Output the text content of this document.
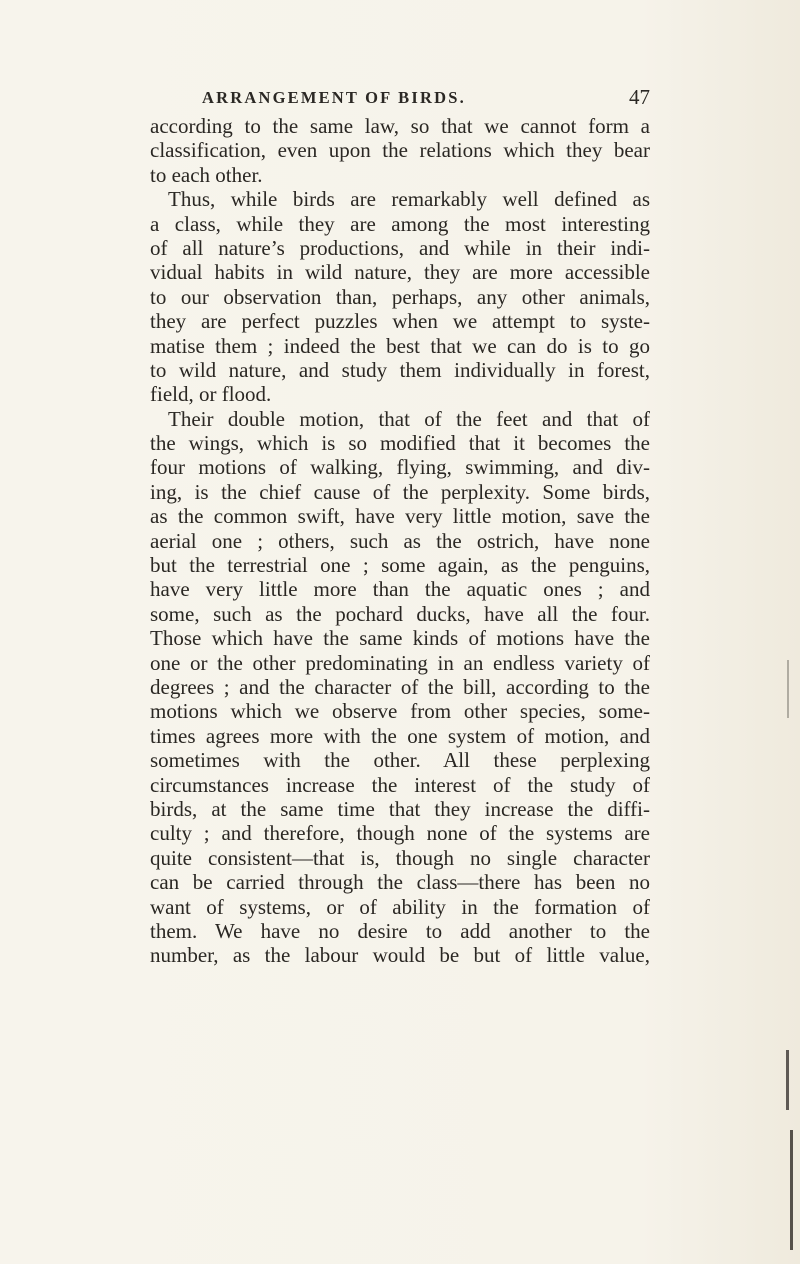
ARRANGEMENT OF BIRDS.	47
according to the same law, so that we cannot form a
classification, even upon the relations which they bear
to each other.
Thus, while birds are remarkably well defined as
a class, while they are among the most interesting
of all nature’s productions, and while in their indi-
vidual habits in wild nature, they are more accessible
to our observation than, perhaps, any other animals,
they are perfect puzzles when we attempt to syste-
matise them ; indeed the best that we can do is to go
to wild nature, and study them individually in forest,
field, or flood.
Their double motion, that of the feet and that of
the wings, which is so modified that it becomes the
four motions of walking, flying, swimming, and div-
ing, is the chief cause of the perplexity. Some birds,
as the common swift, have very little motion, save the
aerial one ; others, such as the ostrich, have none
but the terrestrial one ; some again, as the penguins,
have very little more than the aquatic ones ; and
some, such as the pochard ducks, have all the four.
Those which have the same kinds of motions have the
one or the other predominating in an endless variety of
degrees ; and the character of the bill, according to the
motions which we observe from other species, some-
times agrees more with the one system of motion, and
sometimes with the other. All these perplexing
circumstances increase the interest of the study of
birds, at the same time that they increase the diffi-
culty ; and therefore, though none of the systems are
quite consistent—that is, though no single character
can be carried through the class—there has been no
want of systems, or of ability in the formation of
them. We have no desire to add another to the
number, as the labour would be but of little value,
